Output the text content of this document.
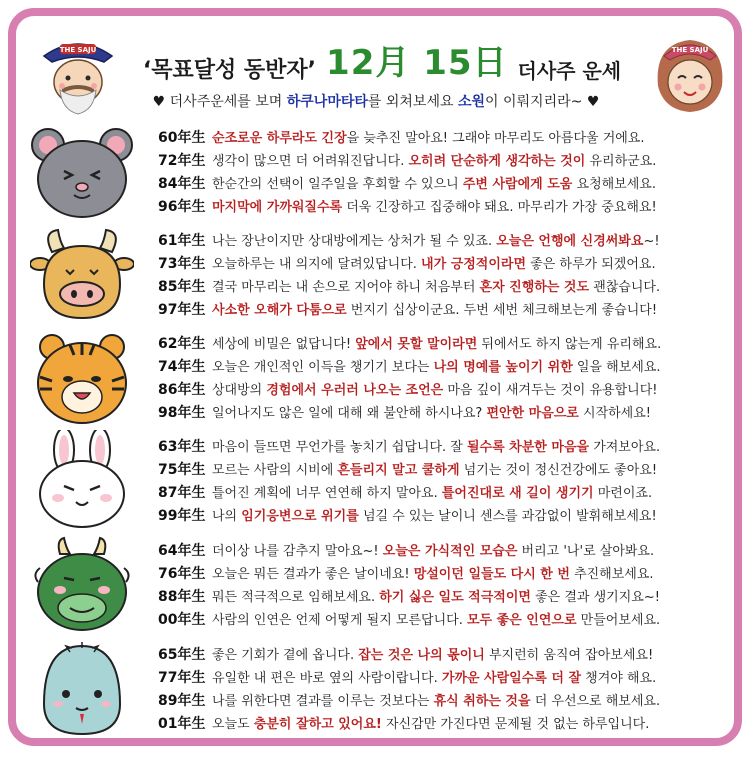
THE SAJU
‘목표달성 동반자’ 12月 15日 더사주 운세
♥ 더사주운세를 보며 하쿠나마타타를 외쳐보세요 소원이 이뤄지리라~ ♥
THE SAJU
60年生 순조로운 하루라도 긴장을 늦추진 말아요! 그래야 마무리도 아름다울 거에요.
72年生 생각이 많으면 더 어려워진답니다. 오히려 단순하게 생각하는 것이 유리하군요.
84年生 한순간의 선택이 일주일을 후회할 수 있으니 주변 사람에게 도움 요청해보세요.
96年生 마지막에 가까워질수록 더욱 긴장하고 집중해야 돼요. 마무리가 가장 중요해요!
61年生 나는 장난이지만 상대방에게는 상처가 될 수 있죠. 오늘은 언행에 신경써봐요~!
73年生 오늘하루는 내 의지에 달려있답니다. 내가 긍정적이라면 좋은 하루가 되겠어요.
85年生 결국 마무리는 내 손으로 지어야 하니 처음부터 혼자 진행하는 것도 괜찮습니다.
97年生 사소한 오해가 다툼으로 번지기 십상이군요. 두번 세번 체크해보는게 좋습니다!
62年生 세상에 비밀은 없답니다! 앞에서 못할 말이라면 뒤에서도 하지 않는게 유리해요.
74年生 오늘은 개인적인 이득을 챙기기 보다는 나의 명예를 높이기 위한 일을 해보세요.
86年生 상대방의 경험에서 우러러 나오는 조언은 마음 깊이 새겨두는 것이 유용합니다!
98年生 일어나지도 않은 일에 대해 왜 불안해 하시나요? 편안한 마음으로 시작하세요!
63年生 마음이 들뜨면 무언가를 놓치기 쉽답니다. 잘 될수록 차분한 마음을 가져보아요.
75年生 모르는 사람의 시비에 흔들리지 말고 쿨하게 넘기는 것이 정신건강에도 좋아요!
87年生 틀어진 계획에 너무 연연해 하지 말아요. 틀어진대로 새 길이 생기기 마련이죠.
99年生 나의 임기응변으로 위기를 넘길 수 있는 날이니 센스를 과감없이 발휘해보세요!
64年生 더이상 나를 감추지 말아요~! 오늘은 가식적인 모습은 버리고 '나'로 살아봐요.
76年生 오늘은 뭐든 결과가 좋은 날이네요! 망설이던 일들도 다시 한 번 추진해보세요.
88年生 뭐든 적극적으로 임해보세요. 하기 싫은 일도 적극적이면 좋은 결과 생기지요~!
00年生 사람의 인연은 언제 어떻게 될지 모른답니다. 모두 좋은 인연으로 만들어보세요.
65年生 좋은 기회가 곁에 옵니다. 잡는 것은 나의 몫이니 부지런히 움직여 잡아보세요!
77年生 유일한 내 편은 바로 옆의 사람이랍니다. 가까운 사람일수록 더 잘 챙겨야 해요.
89年生 나를 위한다면 결과를 이루는 것보다는 휴식 취하는 것을 더 우선으로 해보세요.
01年生 오늘도 충분히 잘하고 있어요! 자신감만 가진다면 문제될 것 없는 하루입니다.
